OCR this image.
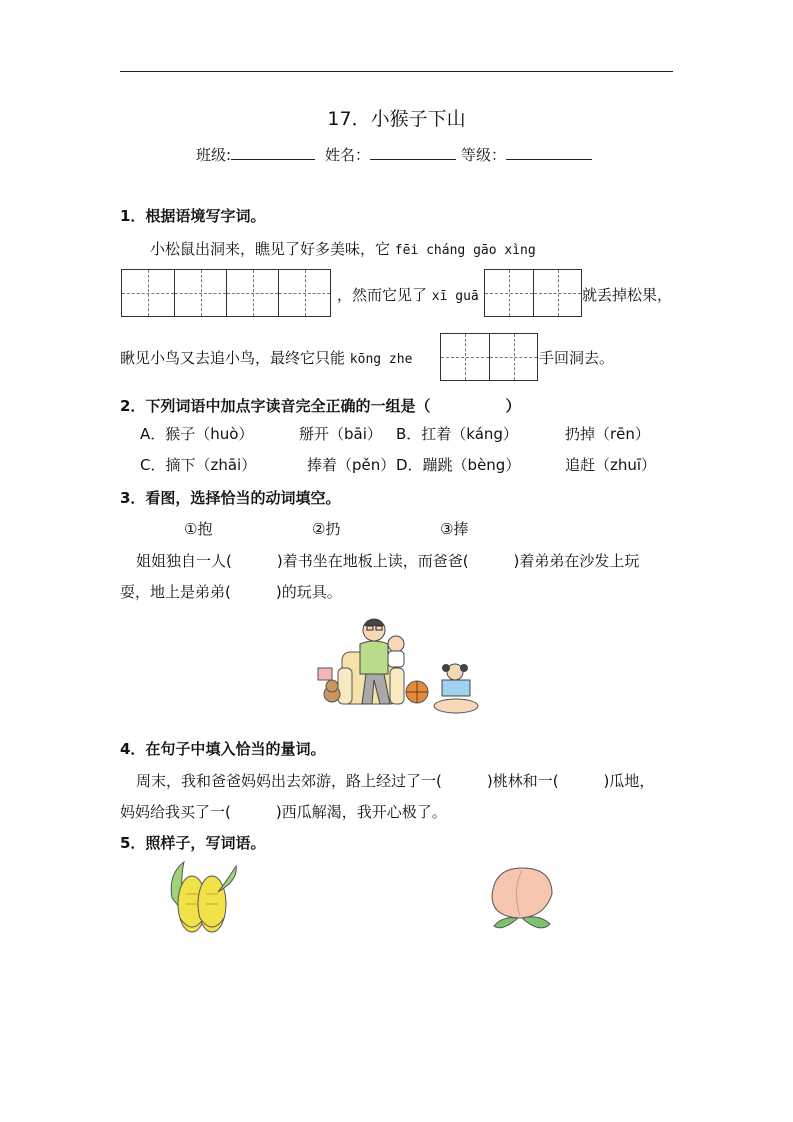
17．小猴子下山
班级:	姓名：	等级：
1．根据语境写字词。
小松鼠出洞来，瞧见了好多美味，它 fēi cháng gāo xìng
，然而它见了 xī guā	就丢掉松果，
瞅见小鸟又去追小鸟，最终它只能 kōng zhe	手回洞去。
2．下列词语中加点字读音完全正确的一组是（　　　　　）
A．猴子（huò）	掰开（bāi） B．扛着（káng）	扔掉（rēn）
C．摘下（zhāi）	捧着（pěn） D．蹦跳（bèng）	追赶（zhuī）
3．看图，选择恰当的动词填空。
①抱	②扔	③捧
姐姐独自一人(　　　)着书坐在地板上读，而爸爸(　　　)着弟弟在沙发上玩
耍，地上是弟弟(　　　)的玩具。
4．在句子中填入恰当的量词。
周末，我和爸爸妈妈出去郊游，路上经过了一(　　　)桃林和一(　　　)瓜地，
妈妈给我买了一(　　　)西瓜解渴，我开心极了。
5．照样子，写词语。
